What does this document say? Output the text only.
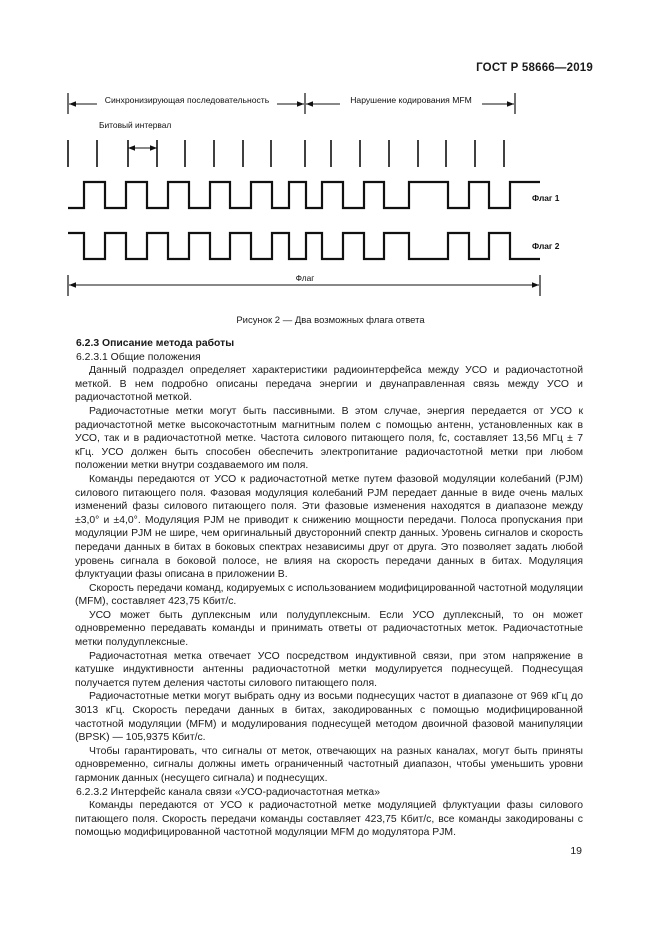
ГОСТ Р 58666—2019
Синхронизирующая последовательность	Нарушение кодирования MFM
Битовый интервал
Флаг 1
Флаг 2
Флаг
Рисунок 2 — Два возможных флага ответа

6.2.3 Описание метода работы

6.2.3.1 Общие положения

Данный подраздел определяет характеристики радиоинтерфейса между УСО и радиочастотной меткой. В нем подробно описаны передача энергии и двунаправленная связь между УСО и радиочастотной меткой.

Радиочастотные метки могут быть пассивными. В этом случае, энергия передается от УСО к радиочастотной метке высокочастотным магнитным полем с помощью антенн, установленных как в УСО, так и в радиочастотной метке. Частота силового питающего поля, fc, составляет 13,56 МГц ± 7 кГц. УСО должен быть способен обеспечить электропитание радиочастотной метки при любом положении метки внутри создаваемого им поля.

Команды передаются от УСО к радиочастотной метке путем фазовой модуляции колебаний (PJM) силового питающего поля. Фазовая модуляция колебаний PJM передает данные в виде очень малых изменений фазы силового питающего поля. Эти фазовые изменения находятся в диапазоне между ±3,0° и ±4,0°. Модуляция PJM не приводит к снижению мощности передачи. Полоса пропускания при модуляции PJM не шире, чем оригинальный двусторонний спектр данных. Уровень сигналов и скорость передачи данных в битах в боковых спектрах независимы друг от друга. Это позволяет задать любой уровень сигнала в боковой полосе, не влияя на скорость передачи данных в битах. Модуляция флуктуации фазы описана в приложении В.

Скорость передачи команд, кодируемых с использованием модифицированной частотной модуляции (MFM), составляет 423,75 Кбит/с.

УСО может быть дуплексным или полудуплексным. Если УСО дуплексный, то он может одновременно передавать команды и принимать ответы от радиочастотных меток. Радиочастотные метки полудуплексные.

Радиочастотная метка отвечает УСО посредством индуктивной связи, при этом напряжение в катушке индуктивности антенны радиочастотной метки модулируется поднесущей. Поднесущая получается путем деления частоты силового питающего поля.

Радиочастотные метки могут выбрать одну из восьми поднесущих частот в диапазоне от 969 кГц до 3013 кГц. Скорость передачи данных в битах, закодированных с помощью модифицированной частотной модуляции (MFM) и модулирования поднесущей методом двоичной фазовой манипуляции (BPSK) — 105,9375 Кбит/с.

Чтобы гарантировать, что сигналы от меток, отвечающих на разных каналах, могут быть приняты одновременно, сигналы должны иметь ограниченный частотный диапазон, чтобы уменьшить уровни гармоник данных (несущего сигнала) и поднесущих.

6.2.3.2 Интерфейс канала связи «УСО-радиочастотная метка»

Команды передаются от УСО к радиочастотной метке модуляцией флуктуации фазы силового питающего поля. Скорость передачи команды составляет 423,75 Кбит/с, все команды закодированы с помощью модифицированной частотной модуляции MFM до модулятора PJM.

19
